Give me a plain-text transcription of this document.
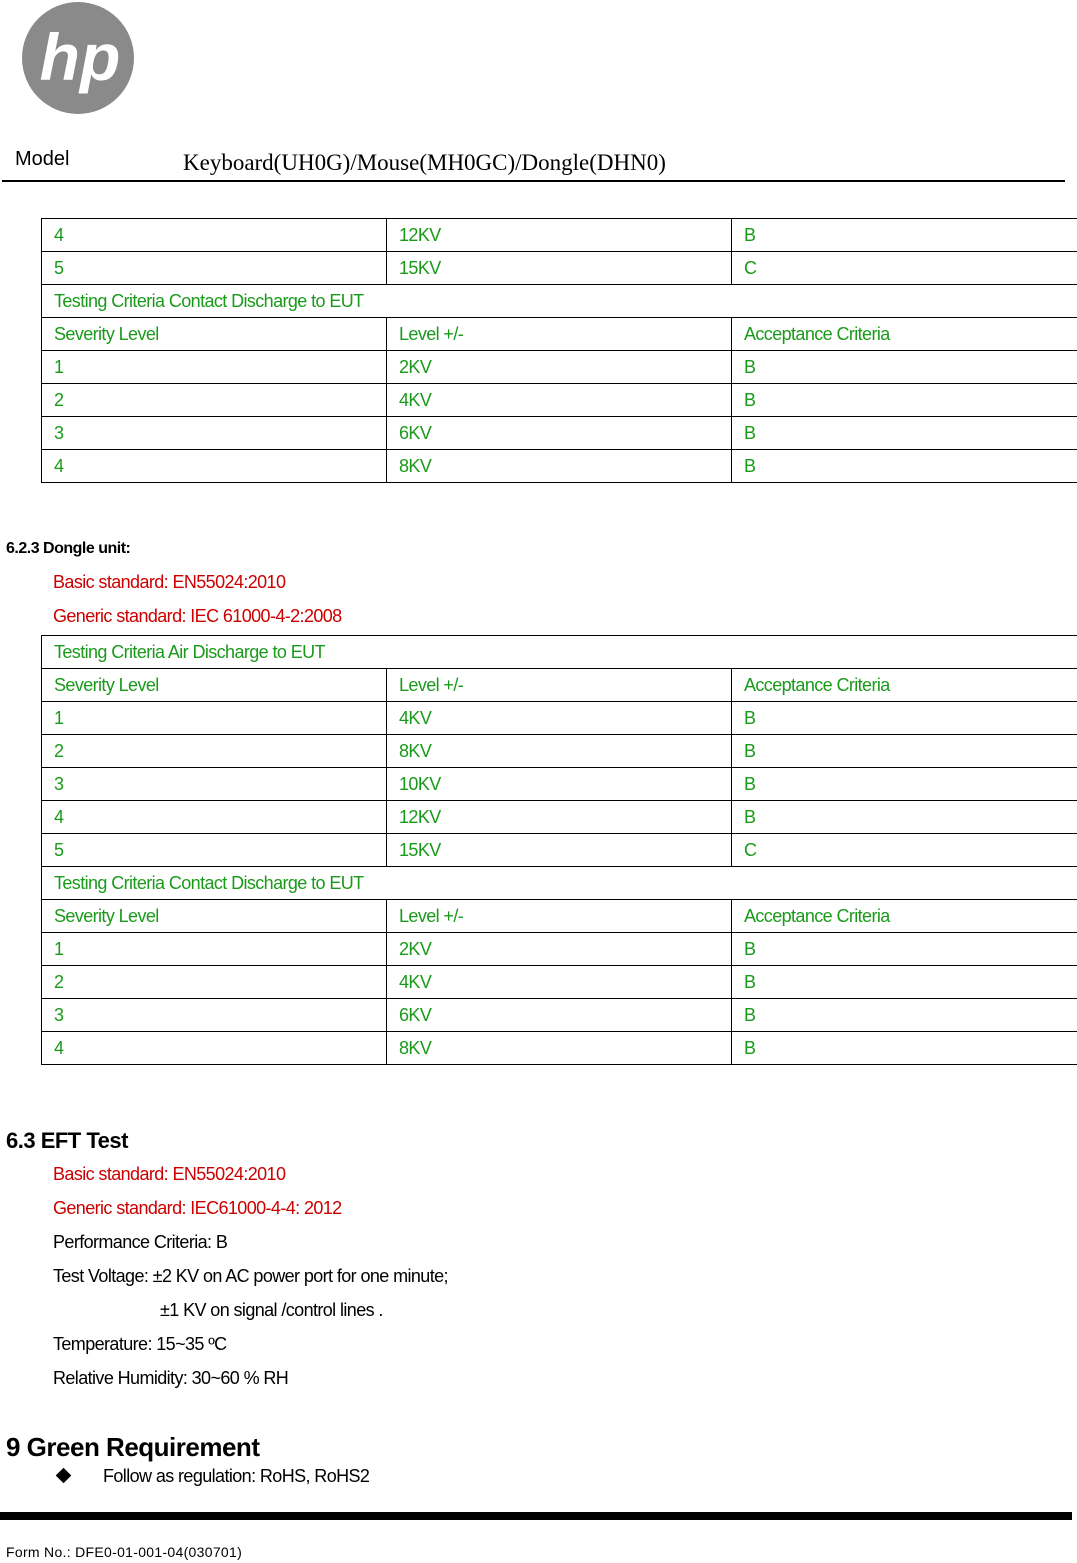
hp
Model	Keyboard(UH0G)/Mouse(MH0GC)/Dongle(DHN0)
4	12KV	B
5	15KV	C
Testing Criteria Contact Discharge to EUT		
Severity Level	Level +/-	Acceptance Criteria
1	2KV	B
2	4KV	B
3	6KV	B
4	8KV	B
6.2.3 Dongle unit:
Basic standard: EN55024:2010
Generic standard: IEC 61000-4-2:2008
Testing Criteria Air Discharge to EUT		
Severity Level	Level +/-	Acceptance Criteria
1	4KV	B
2	8KV	B
3	10KV	B
4	12KV	B
5	15KV	C
Testing Criteria Contact Discharge to EUT		
Severity Level	Level +/-	Acceptance Criteria
1	2KV	B
2	4KV	B
3	6KV	B
4	8KV	B
6.3 EFT Test
Basic standard: EN55024:2010
Generic standard: IEC61000-4-4: 2012
Performance Criteria: B
Test Voltage: ±2 KV on AC power port for one minute;
±1 KV on signal /control lines .
Temperature: 15~35 ºC
Relative Humidity: 30~60 % RH
9 Green Requirement
Follow as regulation: RoHS, RoHS2
Form No.: DFE0-01-001-04(030701)
